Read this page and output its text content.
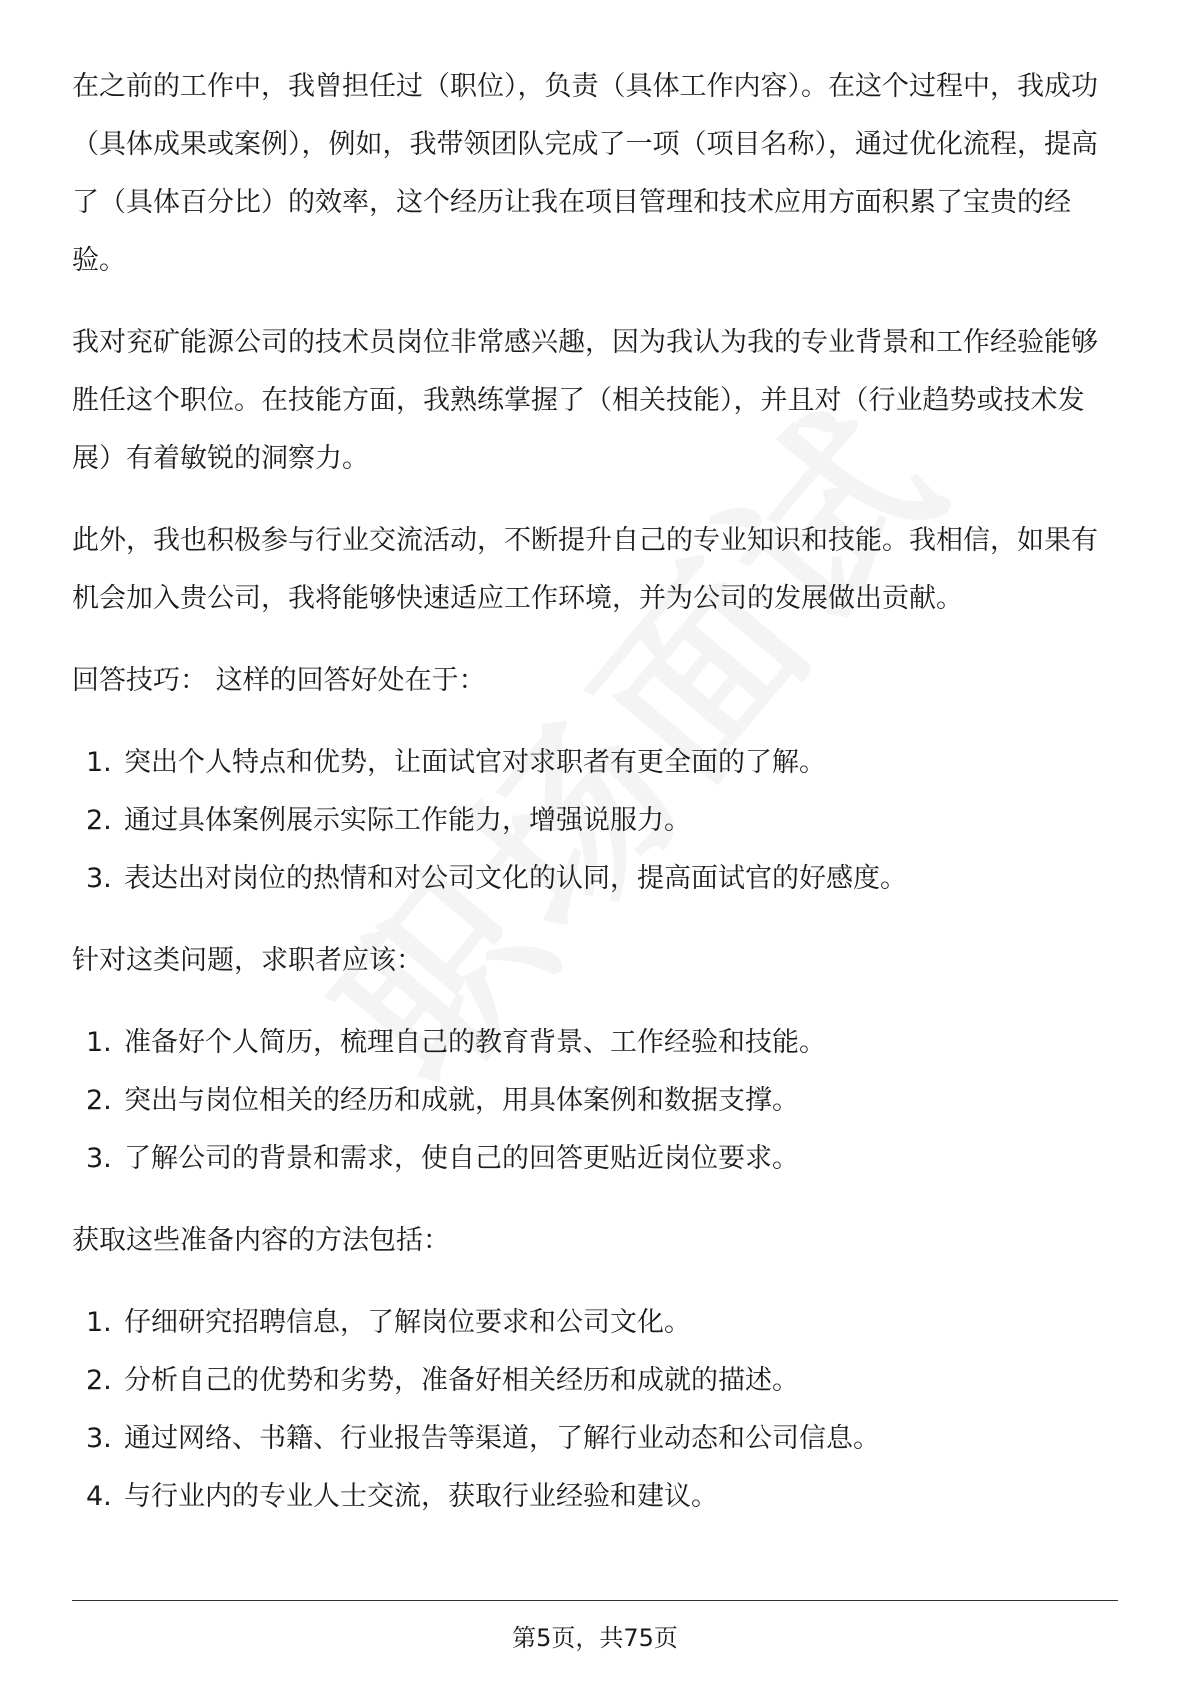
在之前的工作中，我曾担任过（职位），负责（具体工作内容）。在这个过程中，我成功（具体成果或案例），例如，我带领团队完成了一项（项目名称），通过优化流程，提高了（具体百分比）的效率，这个经历让我在项目管理和技术应用方面积累了宝贵的经验。

我对兖矿能源公司的技术员岗位非常感兴趣，因为我认为我的专业背景和工作经验能够胜任这个职位。在技能方面，我熟练掌握了（相关技能），并且对（行业趋势或技术发展）有着敏锐的洞察力。

此外，我也积极参与行业交流活动，不断提升自己的专业知识和技能。我相信，如果有机会加入贵公司，我将能够快速适应工作环境，并为公司的发展做出贡献。

回答技巧： 这样的回答好处在于：

1. 突出个人特点和优势，让面试官对求职者有更全面的了解。
2. 通过具体案例展示实际工作能力，增强说服力。
3. 表达出对岗位的热情和对公司文化的认同，提高面试官的好感度。

针对这类问题，求职者应该：

1. 准备好个人简历，梳理自己的教育背景、工作经验和技能。
2. 突出与岗位相关的经历和成就，用具体案例和数据支撑。
3. 了解公司的背景和需求，使自己的回答更贴近岗位要求。

获取这些准备内容的方法包括：

1. 仔细研究招聘信息，了解岗位要求和公司文化。
2. 分析自己的优势和劣势，准备好相关经历和成就的描述。
3. 通过网络、书籍、行业报告等渠道，了解行业动态和公司信息。
4. 与行业内的专业人士交流，获取行业经验和建议。
第5页，共75页
